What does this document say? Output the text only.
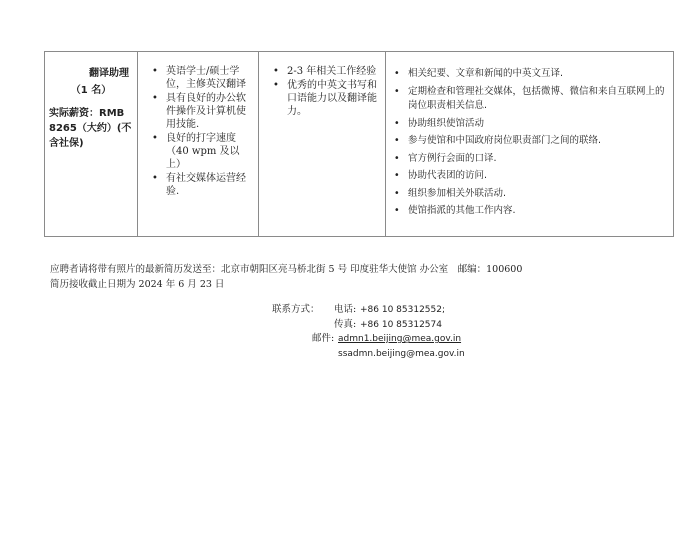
翻译助理
（1 名）
实际薪资：RMB 8265（大约）(不含社保)

• 英语学士/硕士学位，主修英汉翻译
• 具有良好的办公软件操作及计算机使用技能.
• 良好的打字速度（40 wpm 及以上）
• 有社交媒体运营经验.

• 2-3 年相关工作经验
• 优秀的中英文书写和口语能力以及翻译能力。

• 相关纪要、文章和新闻的中英文互译.
• 定期检查和管理社交媒体，包括微博、微信和来自互联网上的岗位职责相关信息.
• 协助组织使馆活动
• 参与使馆和中国政府岗位职责部门之间的联络.
• 官方例行会面的口译.
• 协助代表团的访问.
• 组织参加相关外联活动.
• 使馆指派的其他工作内容.
应聘者请将带有照片的最新简历发送至：北京市朝阳区亮马桥北街 5 号 印度驻华大使馆 办公室　邮编：100600
简历接收截止日期为 2024 年 6 月 23 日
联系方式：	电话: +86 10 85312552;
传真: +86 10 85312574
邮件: admn1.beijing@mea.gov.in
ssadmn.beijing@mea.gov.in
